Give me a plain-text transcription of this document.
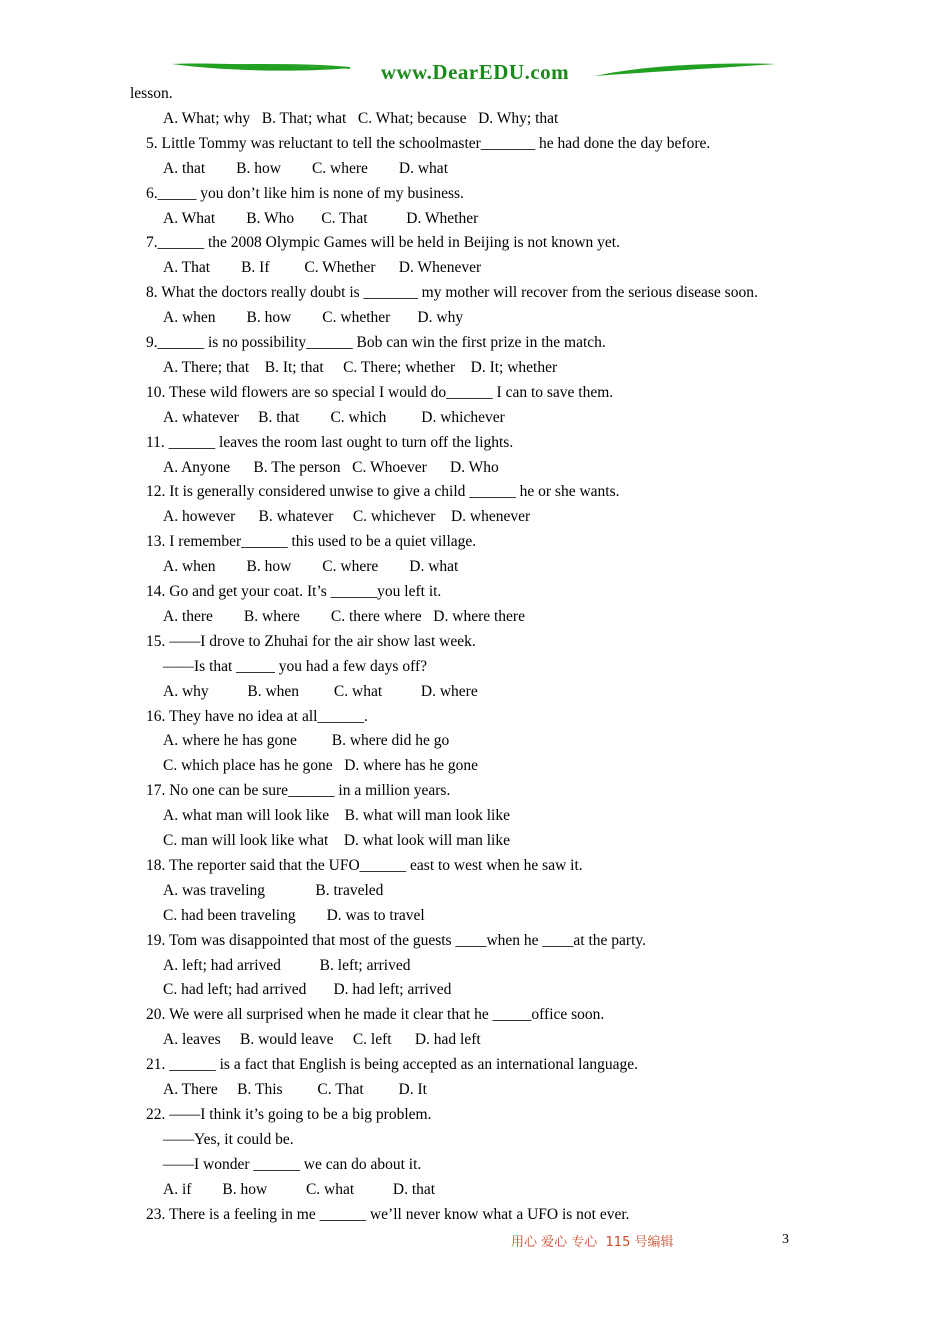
www.DearEDU.com
lesson.
A. What; why   B. That; what   C. What; because   D. Why; that
5. Little Tommy was reluctant to tell the schoolmaster_______ he had done the day before.
A. that        B. how        C. where        D. what
6._____ you don’t like him is none of my business.
A. What        B. Who       C. That          D. Whether
7.______ the 2008 Olympic Games will be held in Beijing is not known yet.
A. That        B. If         C. Whether      D. Whenever
8. What the doctors really doubt is _______ my mother will recover from the serious disease soon.
A. when        B. how        C. whether       D. why
9.______ is no possibility______ Bob can win the first prize in the match.
A. There; that    B. It; that     C. There; whether    D. It; whether
10. These wild flowers are so special I would do______ I can to save them.
A. whatever     B. that        C. which         D. whichever
11. ______ leaves the room last ought to turn off the lights.
A. Anyone      B. The person   C. Whoever      D. Who
12. It is generally considered unwise to give a child ______ he or she wants.
A. however      B. whatever     C. whichever    D. whenever
13. I remember______ this used to be a quiet village.
A. when        B. how        C. where        D. what
14. Go and get your coat. It’s ______you left it.
A. there        B. where        C. there where   D. where there
15. ——I drove to Zhuhai for the air show last week.
——Is that _____ you had a few days off?
A. why          B. when         C. what          D. where
16. They have no idea at all______.
A. where he has gone         B. where did he go
C. which place has he gone   D. where has he gone
17. No one can be sure______ in a million years.
A. what man will look like    B. what will man look like
C. man will look like what    D. what look will man like
18. The reporter said that the UFO______ east to west when he saw it.
A. was traveling             B. traveled
C. had been traveling        D. was to travel
19. Tom was disappointed that most of the guests ____when he ____at the party.
A. left; had arrived          B. left; arrived
C. had left; had arrived       D. had left; arrived
20. We were all surprised when he made it clear that he _____office soon.
A. leaves     B. would leave     C. left      D. had left
21. ______ is a fact that English is being accepted as an international language.
A. There     B. This         C. That         D. It
22. ——I think it’s going to be a big problem.
——Yes, it could be.
——I wonder ______ we can do about it.
A. if        B. how          C. what          D. that
23. There is a feeling in me ______ we’ll never know what a UFO is not ever.
用心 爱心 专心  115 号编辑	3
